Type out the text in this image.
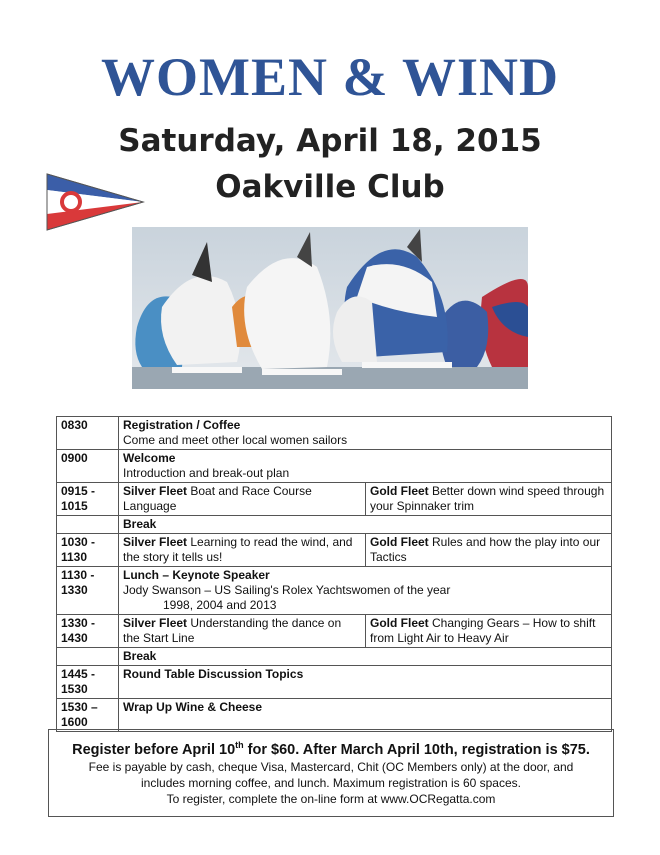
WOMEN & WIND
Saturday, April 18, 2015
Oakville Club
0830	Registration / Coffee
Come and meet other local women sailors	
0900	Welcome
Introduction and break-out plan	
0915 - 1015	Silver Fleet Boat and Race Course Language	Gold Fleet Better down wind speed through your Spinnaker trim
	Break	
1030 - 1130	Silver Fleet Learning to read the wind, and the story it tells us!	Gold Fleet Rules and how the play into our Tactics
1130 - 1330	Lunch – Keynote Speaker
Jody Swanson – US Sailing's Rolex Yachtswomen of the year

1998, 2004 and 2013	

1330 - 1430	Silver Fleet Understanding the dance on the Start Line	Gold Fleet Changing Gears – How to shift from Light Air to Heavy Air
	Break	
1445 - 1530	Round Table Discussion Topics	
1530 – 1600	Wrap Up Wine & Cheese	
Register before April 10th for $60. After March April 10th, registration is $75.
Fee is payable by cash, cheque Visa, Mastercard, Chit (OC Members only) at the door, and
includes morning coffee, and lunch. Maximum registration is 60 spaces.
To register, complete the on-line form at www.OCRegatta.com
